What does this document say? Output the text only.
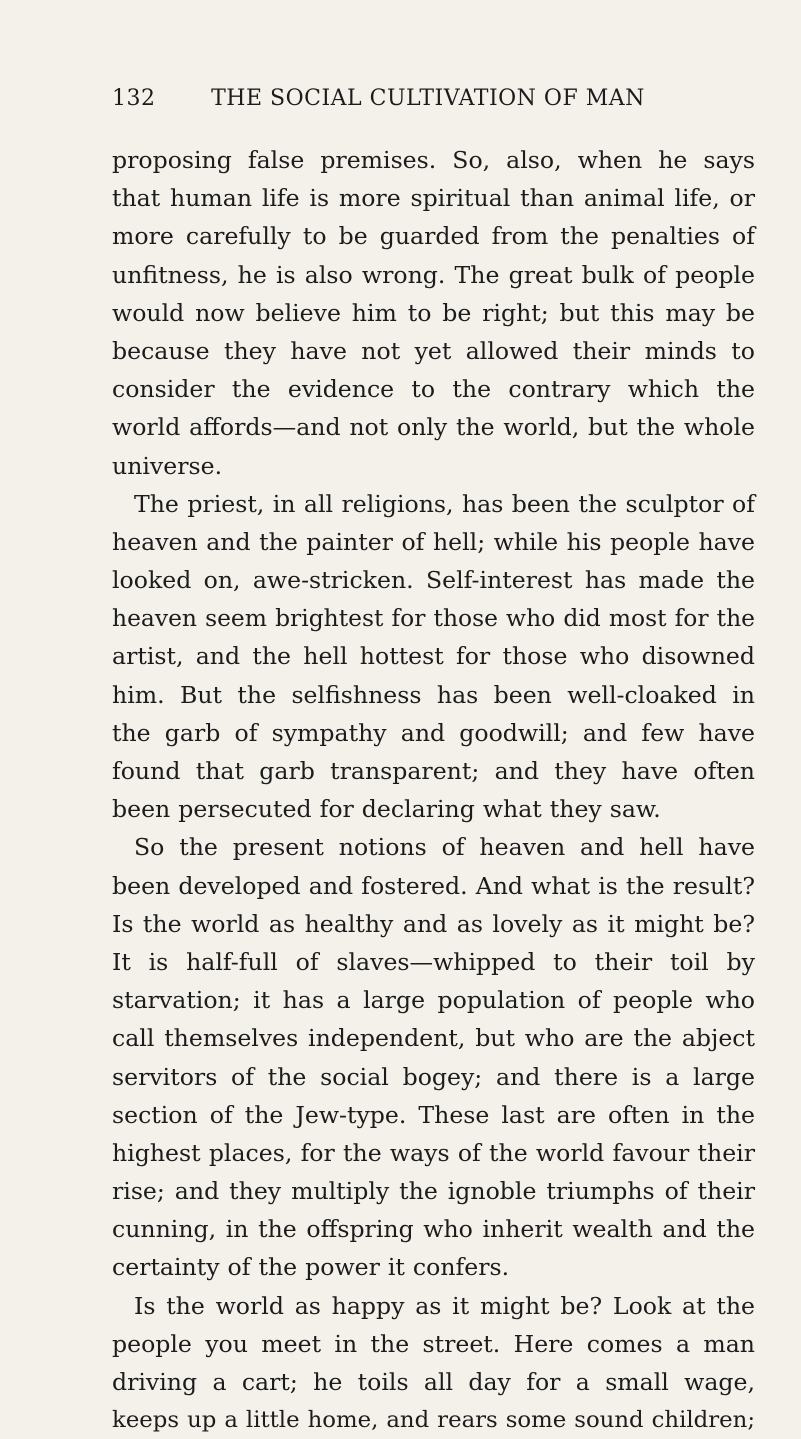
132	THE SOCIAL CULTIVATION OF MAN
proposing false premises. So, also, when he says
that human life is more spiritual than animal life, or
more carefully to be guarded from the penalties of
unfitness, he is also wrong. The great bulk of people
would now believe him to be right; but this may be
because they have not yet allowed their minds to
consider the evidence to the contrary which the
world affords—and not only the world, but the whole
universe.
The priest, in all religions, has been the sculptor of
heaven and the painter of hell; while his people have
looked on, awe-stricken. Self-interest has made the
heaven seem brightest for those who did most for the
artist, and the hell hottest for those who disowned
him. But the selfishness has been well-cloaked in
the garb of sympathy and goodwill; and few have
found that garb transparent; and they have often
been persecuted for declaring what they saw.
So the present notions of heaven and hell have
been developed and fostered. And what is the result?
Is the world as healthy and as lovely as it might be?
It is half-full of slaves—whipped to their toil by
starvation; it has a large population of people who
call themselves independent, but who are the abject
servitors of the social bogey; and there is a large
section of the Jew-type. These last are often in the
highest places, for the ways of the world favour their
rise; and they multiply the ignoble triumphs of their
cunning, in the offspring who inherit wealth and the
certainty of the power it confers.
Is the world as happy as it might be? Look at the
people you meet in the street. Here comes a man
driving a cart; he toils all day for a small wage,
keeps up a little home, and rears some sound children;
